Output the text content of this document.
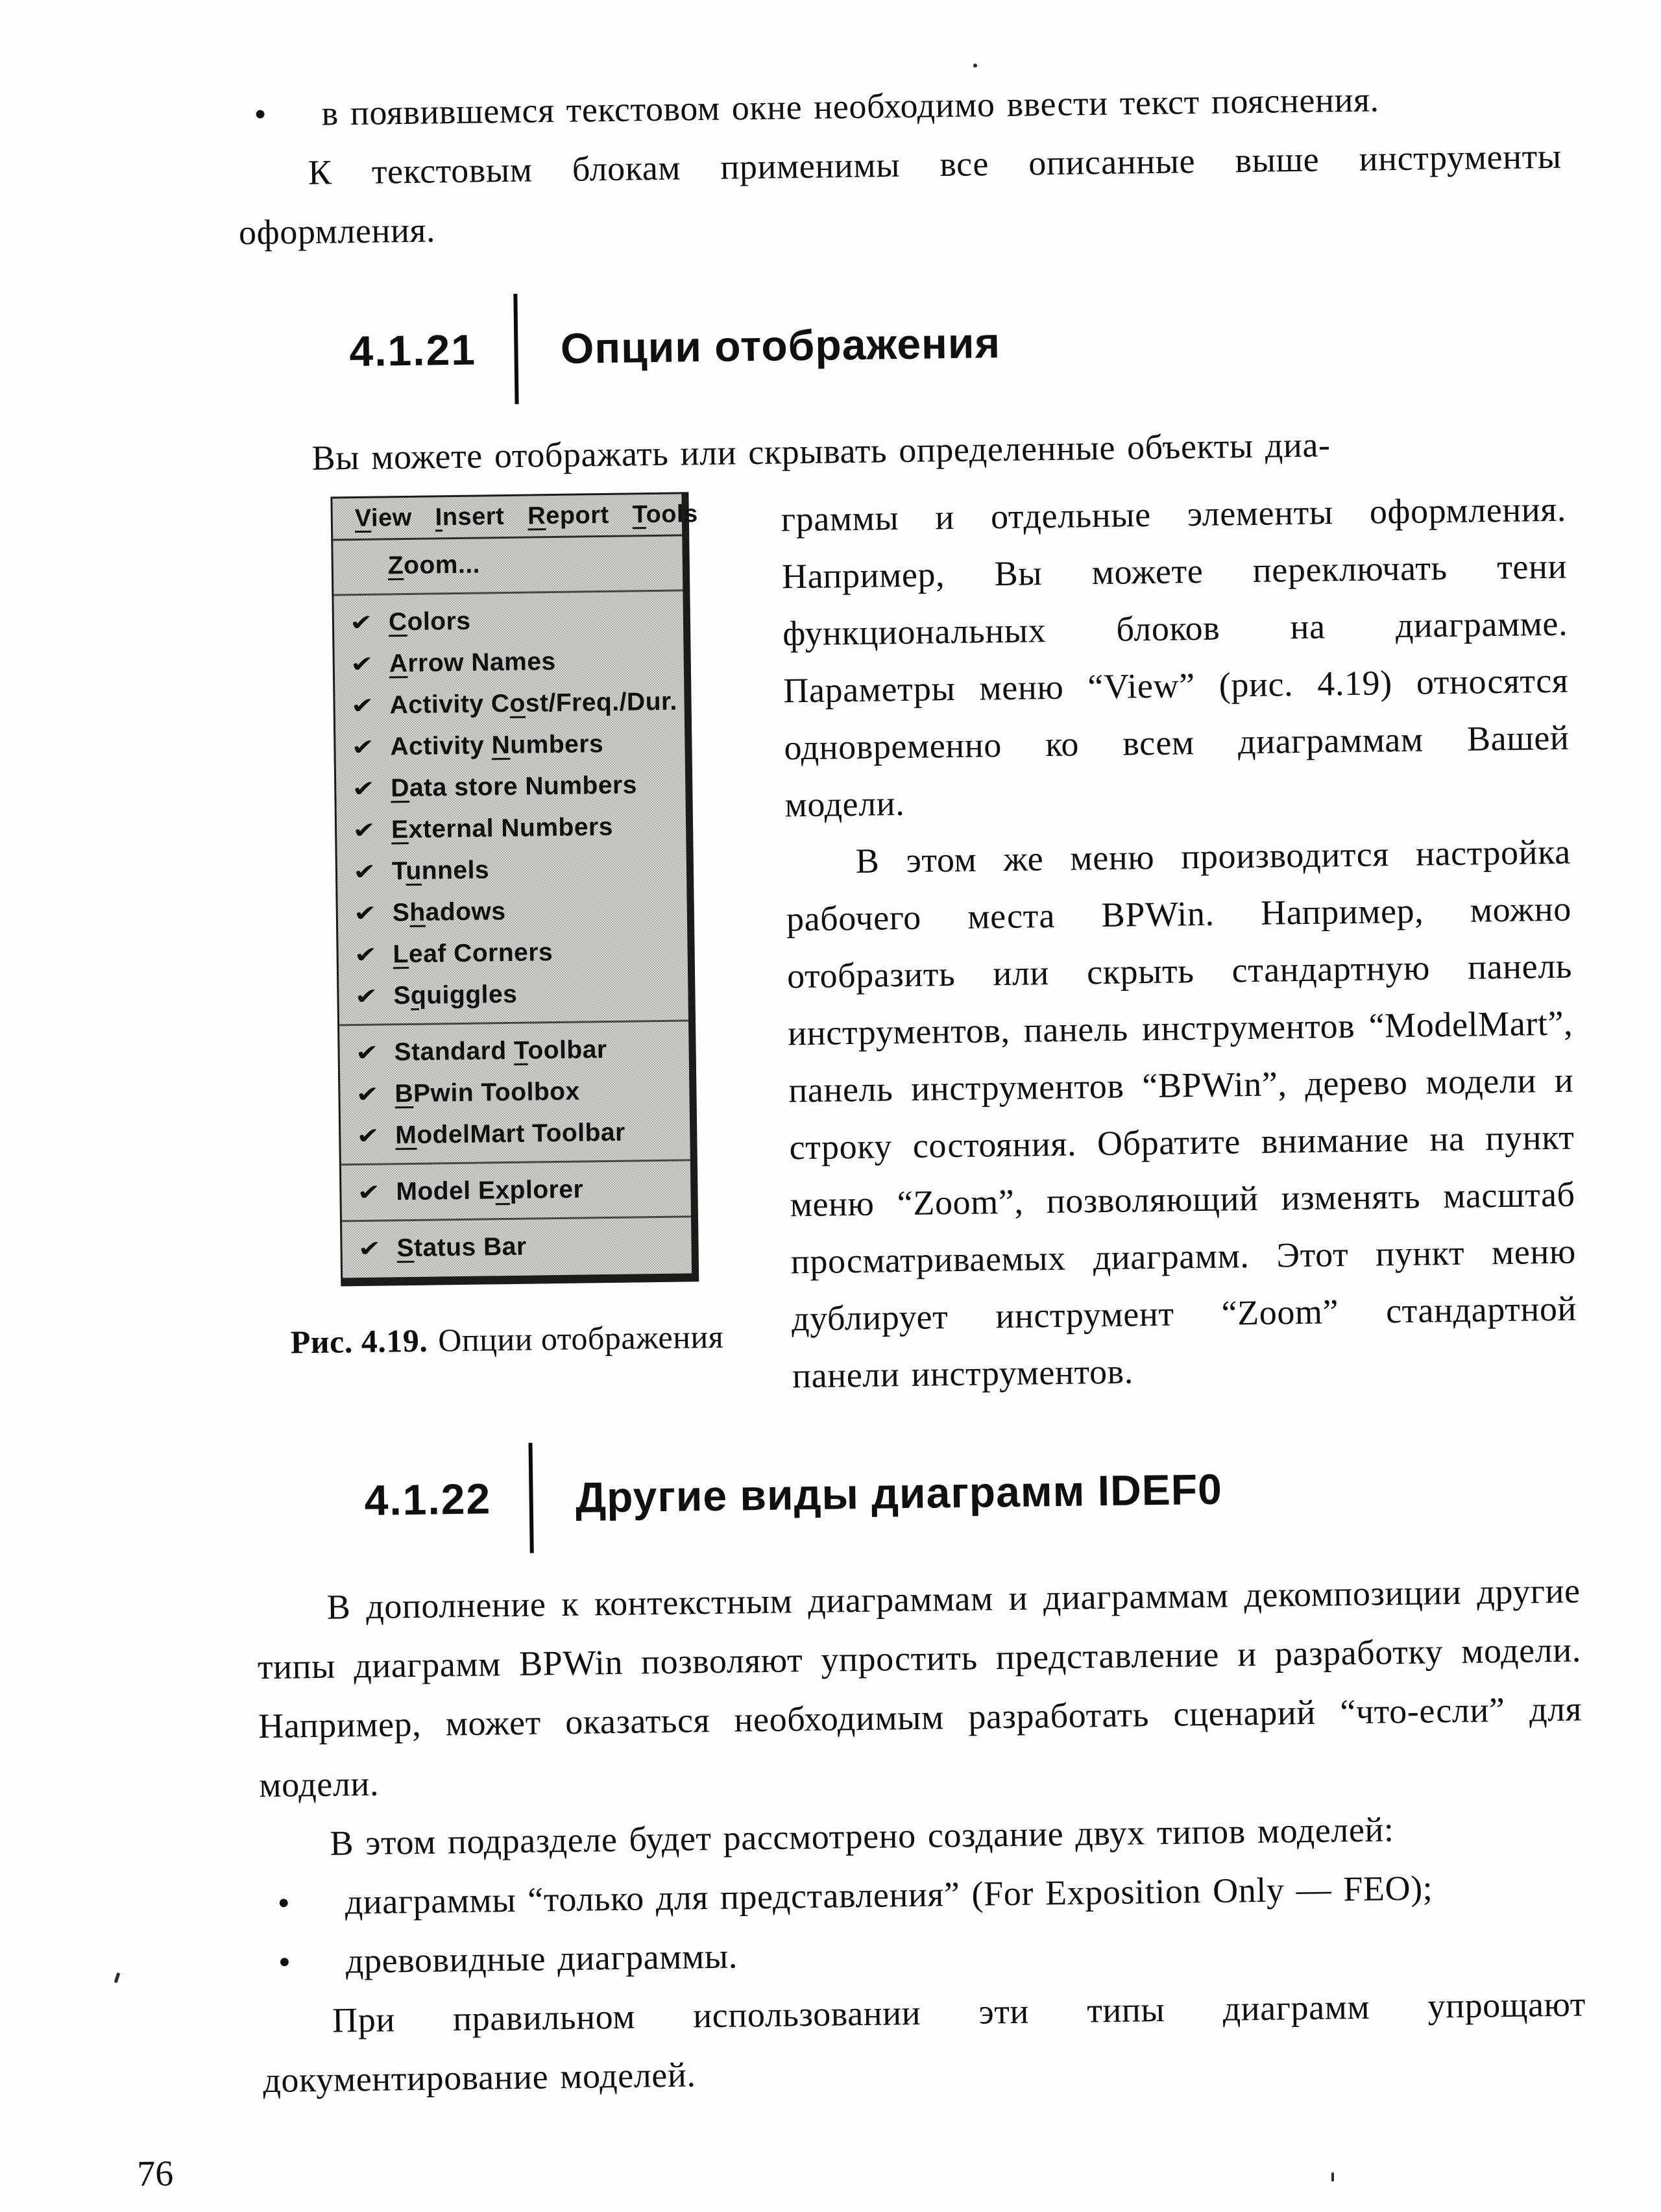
• в появившемся текстовом окне необходимо ввести текст пояснения.

К текстовым блокам применимы все описанные выше инструменты оформления.

4.1.21 Опции отображения

Вы можете отображать или скрывать определенные объекты диа-

View Insert Report Tools
Zoom...
✔ Colors
✔ Arrow Names
✔ Activity Cost/Freq./Dur.
✔ Activity Numbers
✔ Data store Numbers
✔ External Numbers
✔ Tunnels
✔ Shadows
✔ Leaf Corners
✔ Squiggles
✔ Standard Toolbar
✔ BPwin Toolbox
✔ ModelMart Toolbar
✔ Model Explorer
✔ Status Bar
Рис. 4.19. Опции отображения

граммы и отдельные элементы оформления. Например, Вы можете переключать тени функциональных блоков на диаграмме. Параметры меню “View” (рис. 4.19) относятся одновременно ко всем диаграммам Вашей модели.

В этом же меню производится настройка рабочего места BPWin. Например, можно отобразить или скрыть стандартную панель инструментов, панель инструментов “ModelMart”, панель инструментов “BPWin”, дерево модели и строку состояния. Обратите внимание на пункт меню “Zoom”, позволяющий изменять масштаб просматриваемых диаграмм. Этот пункт меню дублирует инструмент “Zoom” стандартной панели инструментов.

4.1.22 Другие виды диаграмм IDEF0

В дополнение к контекстным диаграммам и диаграммам декомпозиции другие типы диаграмм BPWin позволяют упростить представление и разработку модели. Например, может оказаться необходимым разработать сценарий “что-если” для модели.

В этом подразделе будет рассмотрено создание двух типов моделей:

• диаграммы “только для представления” (For Exposition Only — FEO);

• древовидные диаграммы.

При правильном использовании эти типы диаграмм упрощают документирование моделей.

76
